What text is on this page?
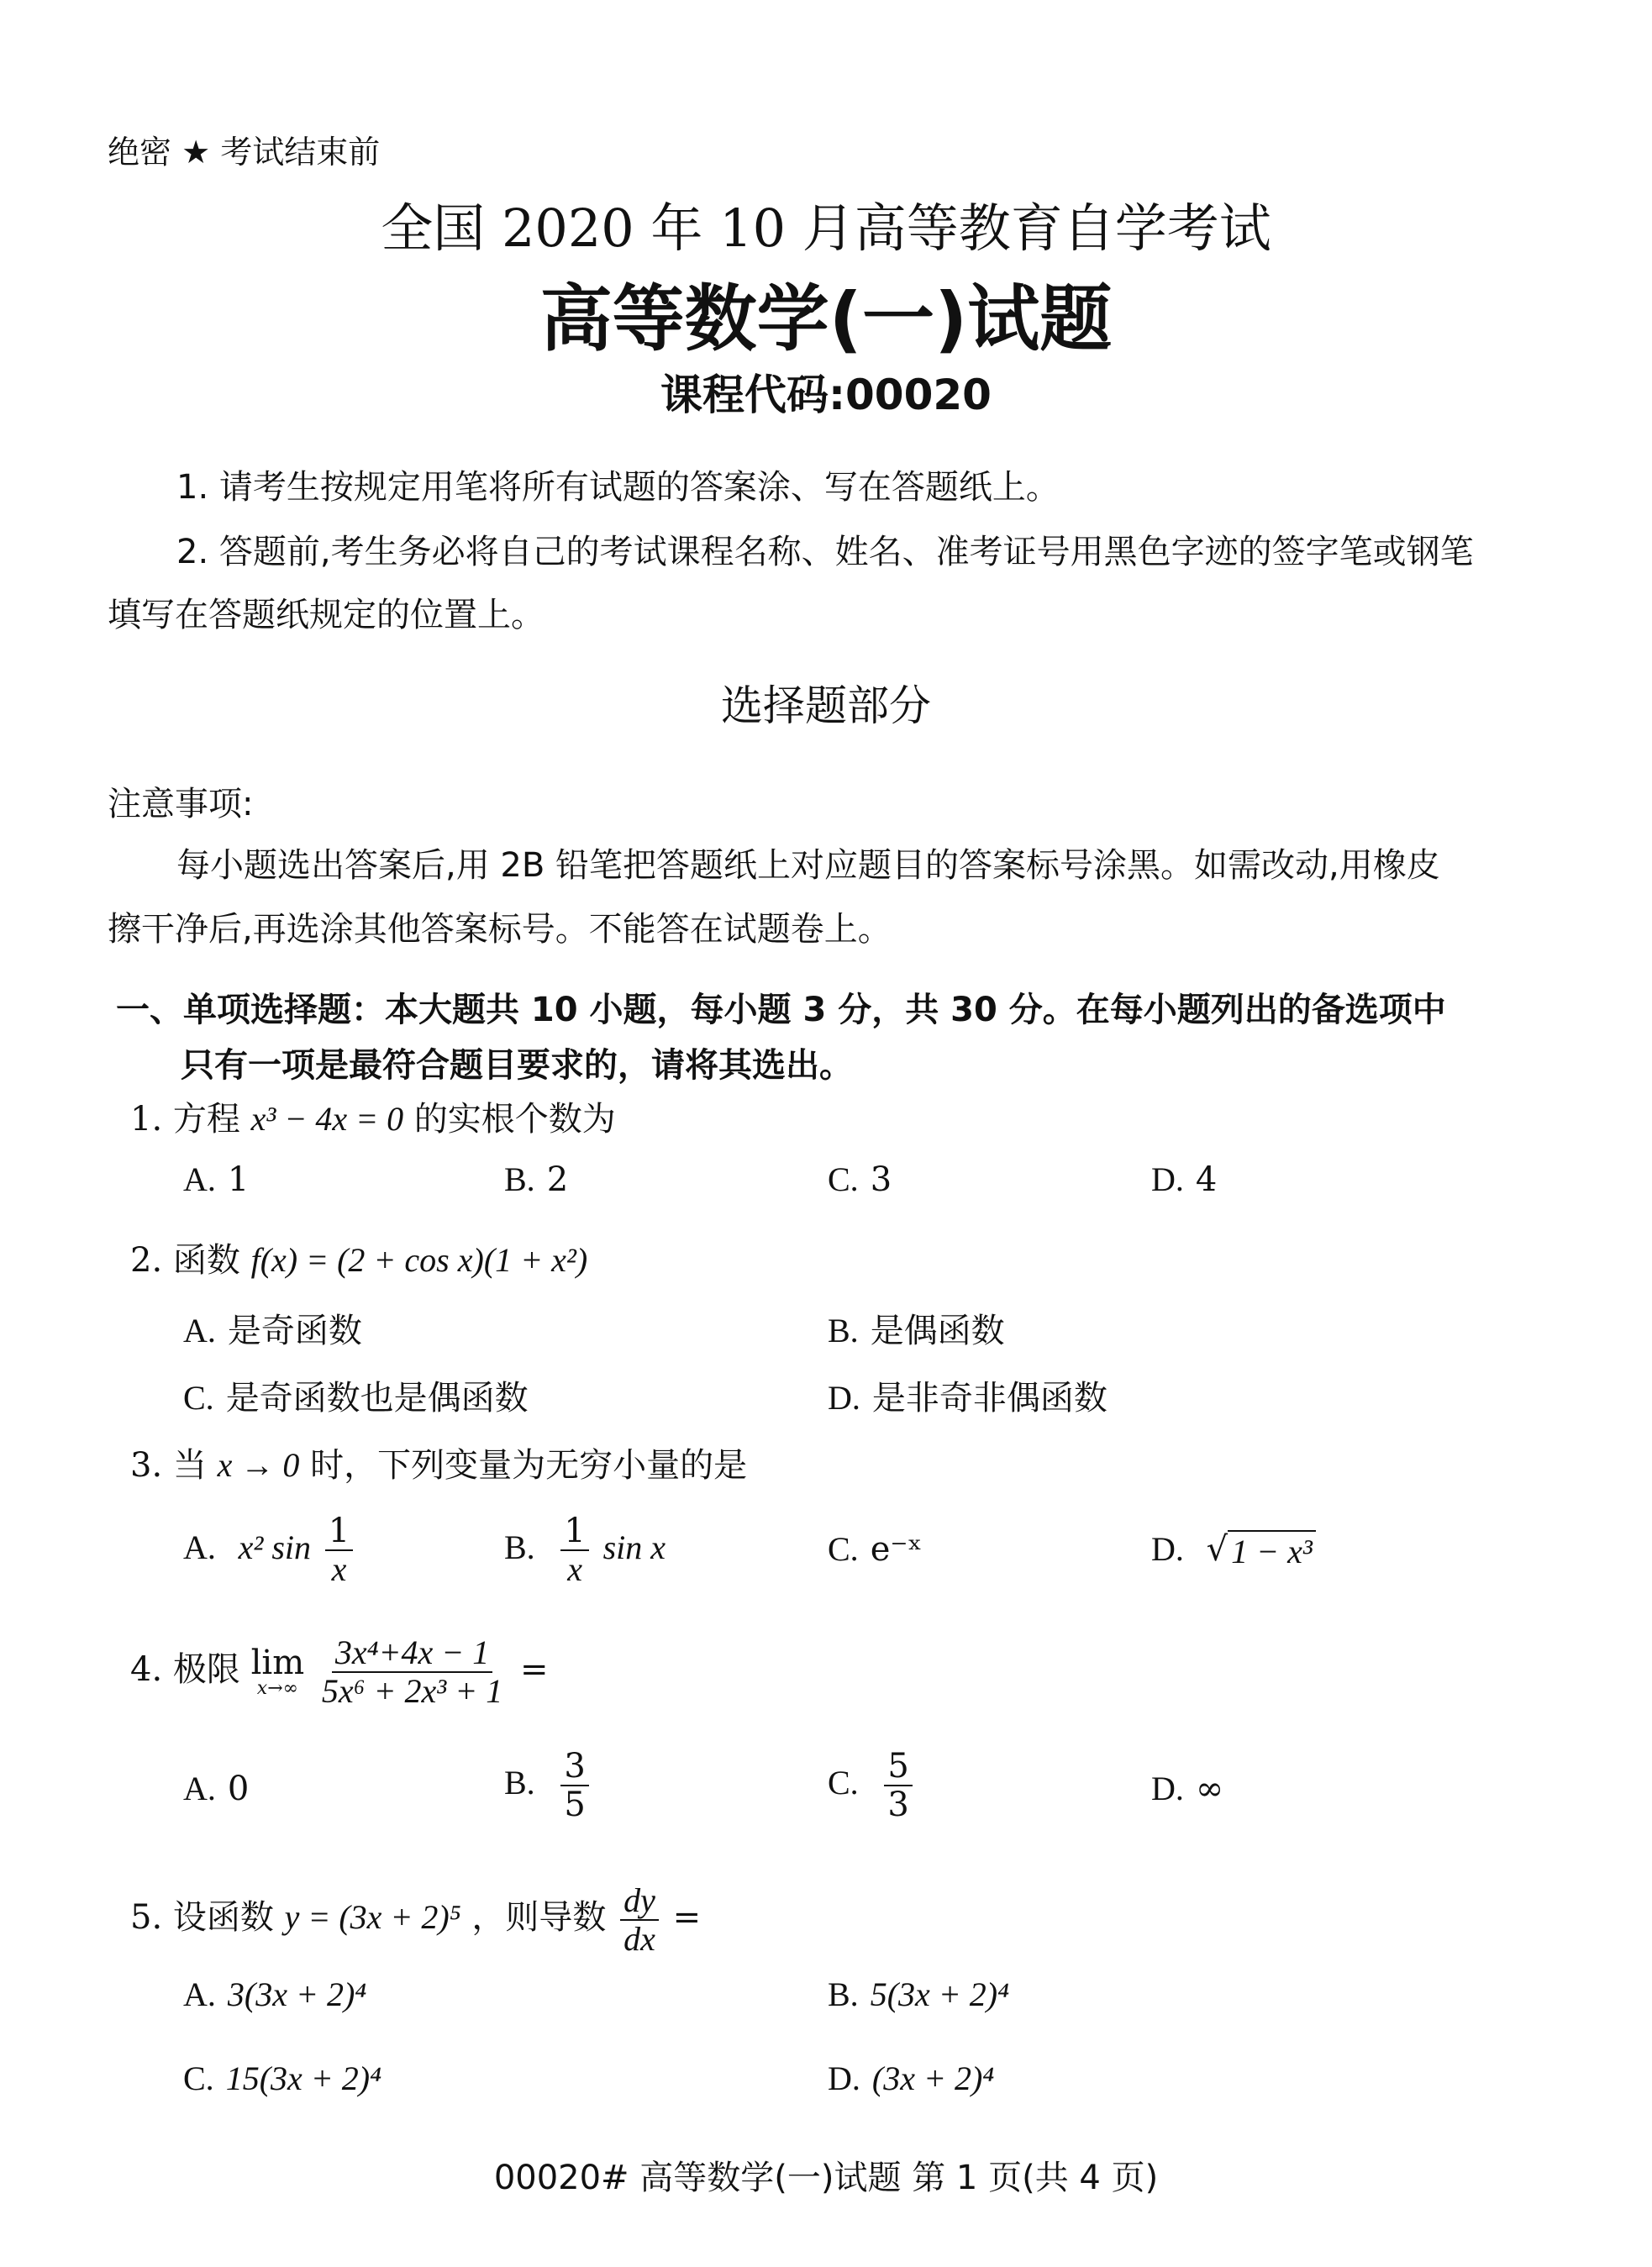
绝密 ★ 考试结束前
全国 2020 年 10 月高等教育自学考试
高等数学(一)试题
课程代码:00020
1. 请考生按规定用笔将所有试题的答案涂、写在答题纸上。
2. 答题前,考生务必将自己的考试课程名称、姓名、准考证号用黑色字迹的签字笔或钢笔
填写在答题纸规定的位置上。
选择题部分
注意事项:
每小题选出答案后,用 2B 铅笔把答题纸上对应题目的答案标号涂黑。如需改动,用橡皮
擦干净后,再选涂其他答案标号。不能答在试题卷上。
一、单项选择题：本大题共 10 小题，每小题 3 分，共 30 分。在每小题列出的备选项中
只有一项是最符合题目要求的，请将其选出。
1. 方程 x³ − 4x = 0 的实根个数为
A. 1	B. 2	C. 3	D. 4
2. 函数 f(x) = (2 + cos x)(1 + x²)
A. 是奇函数	B. 是偶函数
C. 是奇函数也是偶函数	D. 是非奇非偶函数
3. 当 x → 0 时，下列变量为无穷小量的是
A. x² $\sin \frac{1}{x}$	B. $\frac{1}{x}$ sin x	C. e⁻ˣ	D. √ 1 − x³
4. 极限 lim
x→∞
$\frac{\text{3x⁴+4x − 1}}{\text{5x⁶ + 2x³ + 1}}$ =
A. 0	B. $\frac{3}{5}$	C. $\frac{5}{3}$	D. ∞
5. 设函数 y = (3x + 2)⁵ ，则导数 $\frac{dy}{dx}$ =
A. 3(3x + 2)⁴	B. 5(3x + 2)⁴
C. 15(3x + 2)⁴	D. (3x + 2)⁴
00020# 高等数学(一)试题 第 1 页(共 4 页)
